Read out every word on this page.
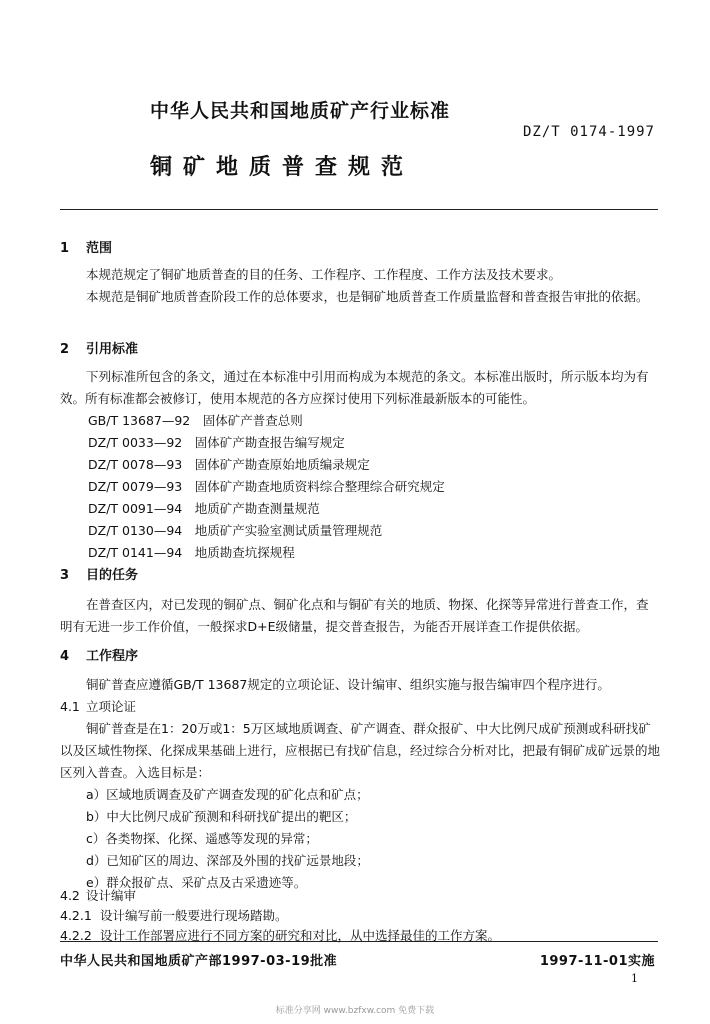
中华人民共和国地质矿产行业标准
DZ/T 0174-1997
铜矿地质普查规范
1 范围
本规范规定了铜矿地质普查的目的任务、工作程序、工作程度、工作方法及技术要求。
本规范是铜矿地质普查阶段工作的总体要求，也是铜矿地质普查工作质量监督和普查报告审批的依据。
2 引用标准
下列标准所包含的条文，通过在本标准中引用而构成为本规范的条文。本标准出版时，所示版本均为有效。所有标准都会被修订，使用本规范的各方应探讨使用下列标准最新版本的可能性。
GB/T 13687—92　固体矿产普查总则
DZ/T 0033—92　固体矿产勘查报告编写规定
DZ/T 0078—93　固体矿产勘查原始地质编录规定
DZ/T 0079—93　固体矿产勘查地质资料综合整理综合研究规定
DZ/T 0091—94　地质矿产勘查测量规范
DZ/T 0130—94　地质矿产实验室测试质量管理规范
DZ/T 0141—94　地质勘查坑探规程
3 目的任务
在普查区内，对已发现的铜矿点、铜矿化点和与铜矿有关的地质、物探、化探等异常进行普查工作，查明有无进一步工作价值，一般探求D+E级储量，提交普查报告，为能否开展详查工作提供依据。
4 工作程序
铜矿普查应遵循GB/T 13687规定的立项论证、设计编审、组织实施与报告编审四个程序进行。
4.1 立项论证
铜矿普查是在1：20万或1：5万区域地质调查、矿产调查、群众报矿、中大比例尺成矿预测或科研找矿以及区域性物探、化探成果基础上进行，应根据已有找矿信息，经过综合分析对比，把最有铜矿成矿远景的地区列入普查。入选目标是：
a）区域地质调查及矿产调查发现的矿化点和矿点；
b）中大比例尺成矿预测和科研找矿提出的靶区；
c）各类物探、化探、遥感等发现的异常；
d）已知矿区的周边、深部及外围的找矿远景地段；
e）群众报矿点、采矿点及古采遗迹等。
4.2 设计编审
4.2.1 设计编写前一般要进行现场踏勘。
中华人民共和国地质矿产部1997-03-19批准	1997-11-01实施
1
标准分享网 www.bzfxw.com 免费下载
4.2.2 设计工作部署应进行不同方案的研究和对比，从中选择最佳的工作方案。
